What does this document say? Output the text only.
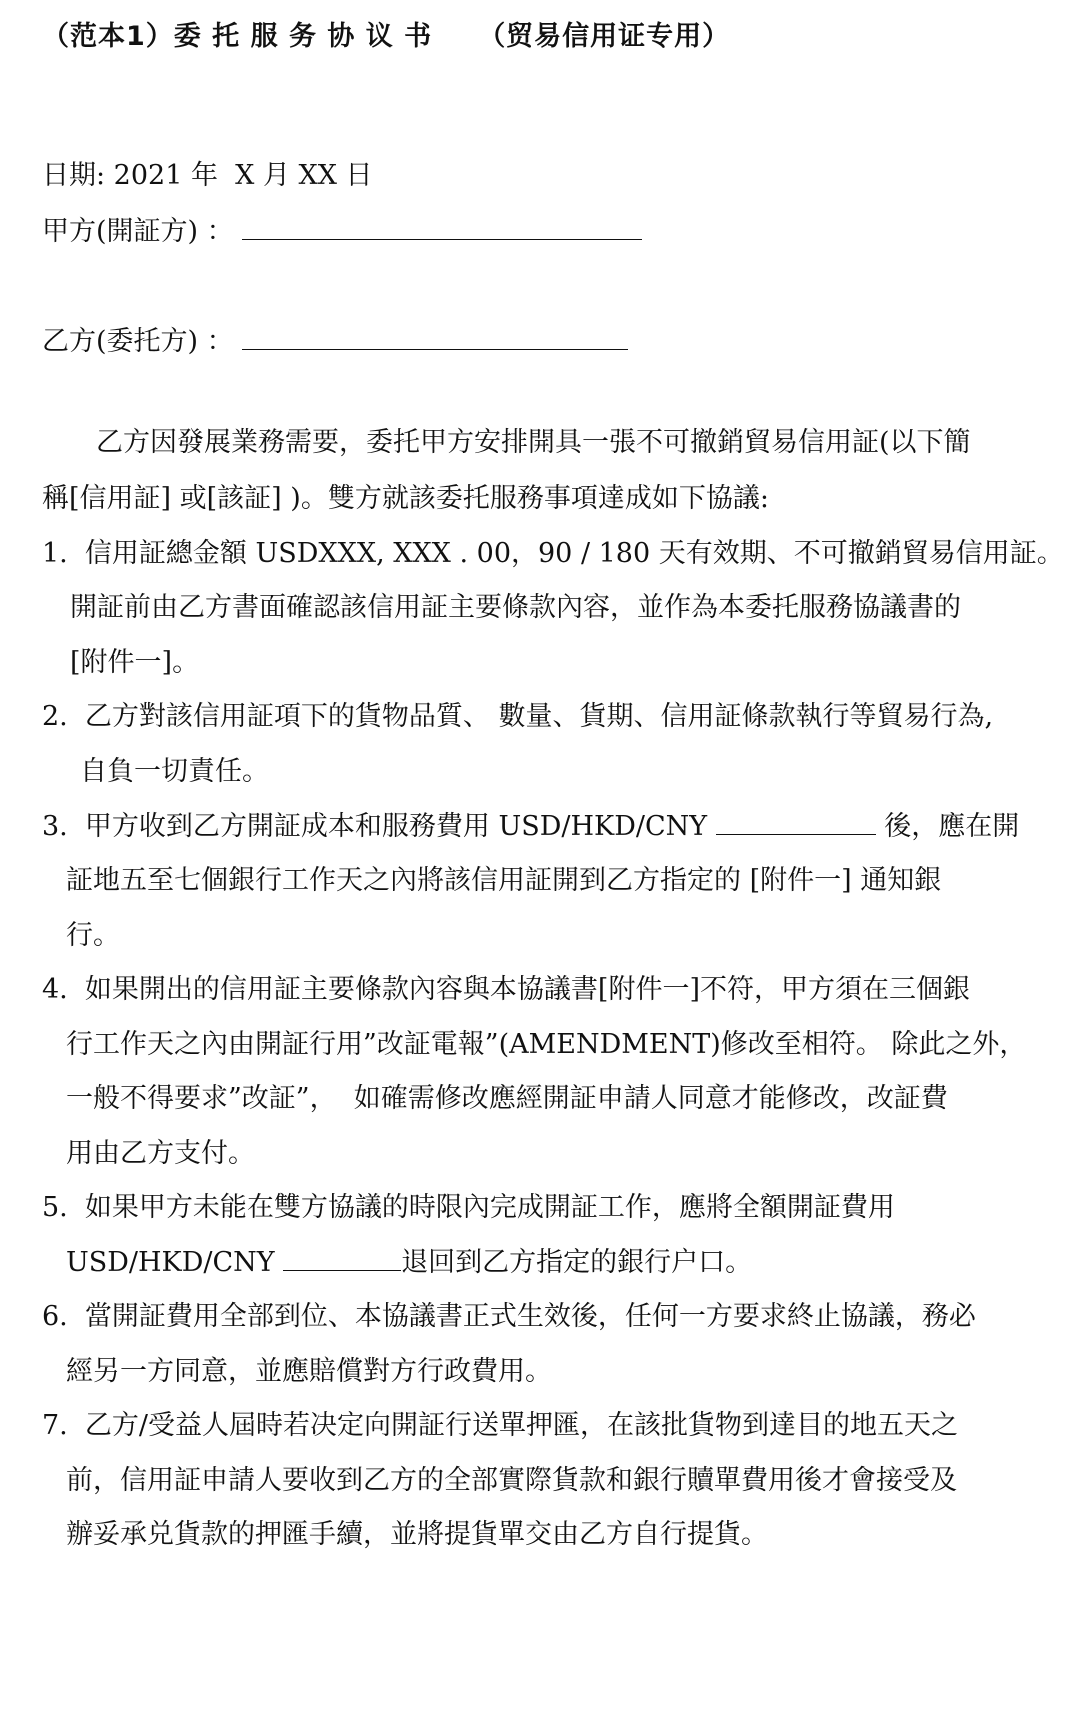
（范本1）委 托 服 务 协 议 书 （贸易信用证专用）
日期: 2021 年  X 月 XX 日
甲方(開証方) ：
乙方(委托方) ：
乙方因發展業務需要，委托甲方安排開具一張不可撤銷貿易信用証(以下簡
稱[信用証] 或[該証] )。雙方就該委托服務事項達成如下協議:
1.  信用証總金額 USDXXX, XXX . 00，90 / 180 天有效期、不可撤銷貿易信用証。
開証前由乙方書面確認該信用証主要條款內容，並作為本委托服務協議書的
[附件一]。
2.  乙方對該信用証項下的貨物品質、 數量、貨期、信用証條款執行等貿易行為,
自負一切責任。
3.  甲方收到乙方開証成本和服務費用 USD/HKD/CNY	後，應在開
証地五至七個銀行工作天之內將該信用証開到乙方指定的 [附件一] 通知銀
行。
4.  如果開出的信用証主要條款內容與本協議書[附件一]不符，甲方須在三個銀
行工作天之內由開証行用”改証電報”(AMENDMENT)修改至相符。 除此之外，
一般不得要求”改証”，  如確需修改應經開証申請人同意才能修改，改証費
用由乙方支付。
5.  如果甲方未能在雙方協議的時限內完成開証工作，應將全額開証費用
USD/HKD/CNY	退回到乙方指定的銀行户口。
6.  當開証費用全部到位、本協議書正式生效後，任何一方要求終止協議，務必
經另一方同意，並應賠償對方行政費用。
7.  乙方/受益人屆時若决定向開証行送單押匯，在該批貨物到達目的地五天之
前，信用証申請人要收到乙方的全部實際貨款和銀行贖單費用後才會接受及
辦妥承兑貨款的押匯手續，並將提貨單交由乙方自行提貨。
